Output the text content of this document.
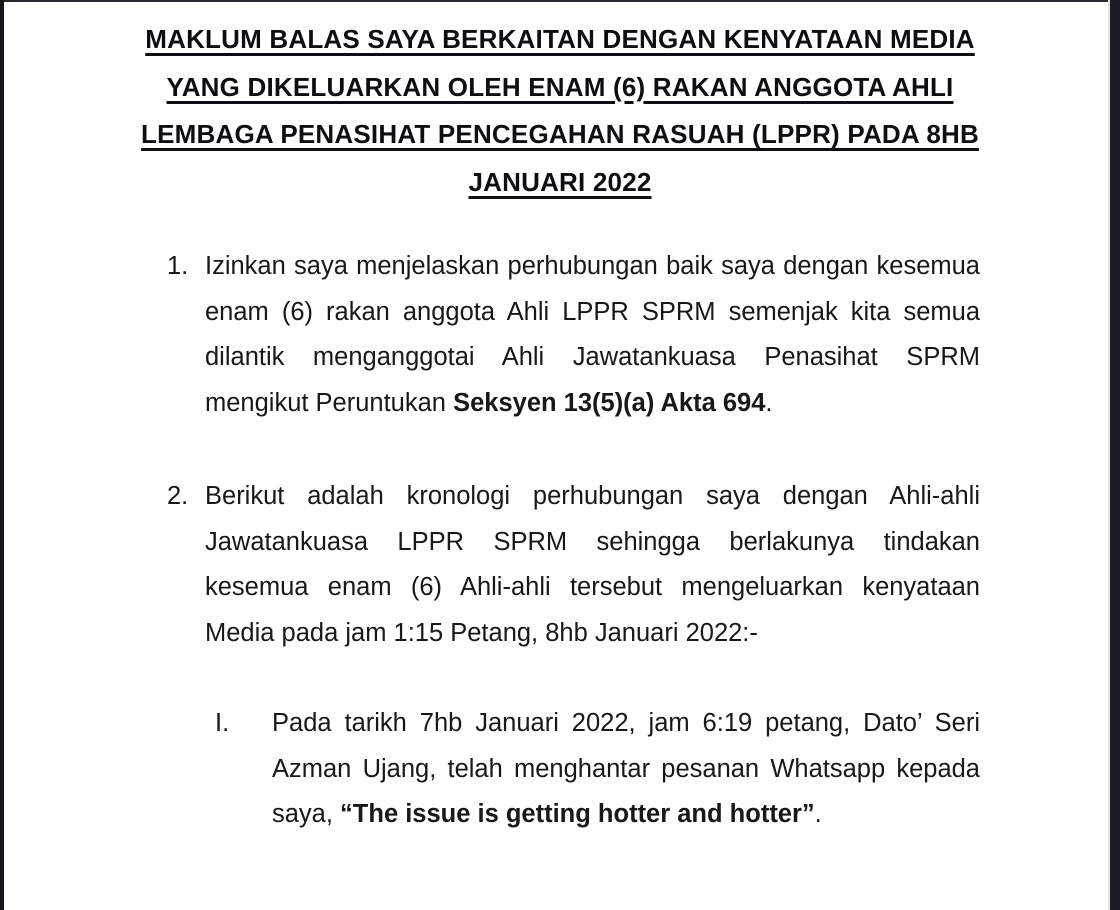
MAKLUM BALAS SAYA BERKAITAN DENGAN KENYATAAN MEDIA
YANG DIKELUARKAN OLEH ENAM (6) RAKAN ANGGOTA AHLI
LEMBAGA PENASIHAT PENCEGAHAN RASUAH (LPPR) PADA 8HB
JANUARI 2022
1. Izinkan saya menjelaskan perhubungan baik saya dengan kesemua
enam (6) rakan anggota Ahli LPPR SPRM semenjak kita semua
dilantik menganggotai Ahli Jawatankuasa Penasihat SPRM
mengikut Peruntukan Seksyen 13(5)(a) Akta 694.
2. Berikut adalah kronologi perhubungan saya dengan Ahli-ahli
Jawatankuasa LPPR SPRM sehingga berlakunya tindakan
kesemua enam (6) Ahli-ahli tersebut mengeluarkan kenyataan
Media pada jam 1:15 Petang, 8hb Januari 2022:-
I. Pada tarikh 7hb Januari 2022, jam 6:19 petang, Dato’ Seri
Azman Ujang, telah menghantar pesanan Whatsapp kepada
saya, “The issue is getting hotter and hotter”.
